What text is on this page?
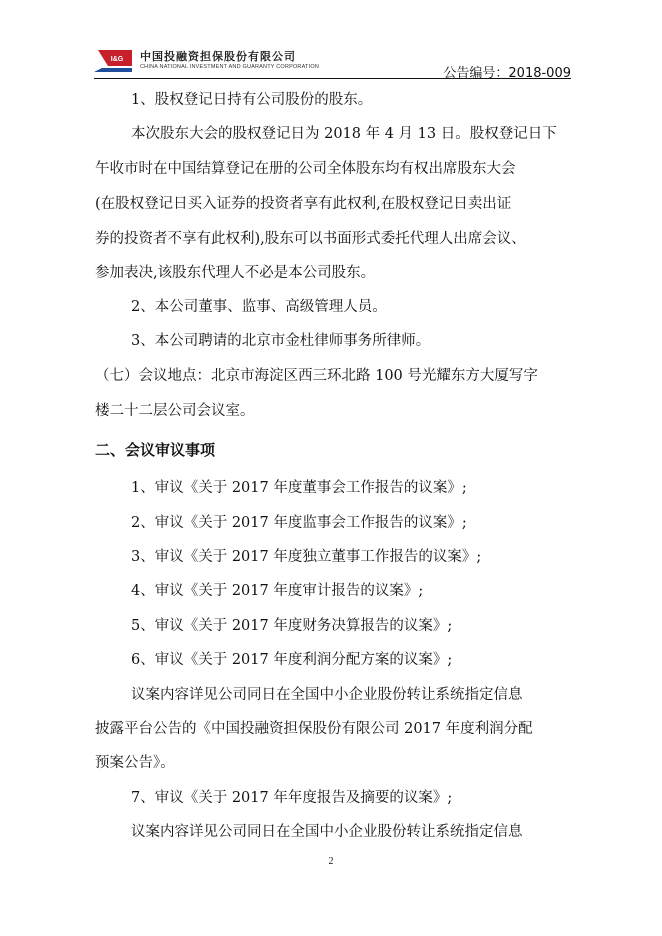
I&G 中国投融资担保股份有限公司
CHINA NATIONAL INVESTMENT AND GUARANTY CORPORATION	公告编号：2018-009
1、股权登记日持有公司股份的股东。
本次股东大会的股权登记日为 2018 年 4 月 13 日。股权登记日下
午收市时在中国结算登记在册的公司全体股东均有权出席股东大会
(在股权登记日买入证券的投资者享有此权利,在股权登记日卖出证
券的投资者不享有此权利),股东可以书面形式委托代理人出席会议、
参加表决,该股东代理人不必是本公司股东。
2、本公司董事、监事、高级管理人员。
3、本公司聘请的北京市金杜律师事务所律师。
（七）会议地点：北京市海淀区西三环北路 100 号光耀东方大厦写字
楼二十二层公司会议室。
二、会议审议事项
1、审议《关于 2017 年度董事会工作报告的议案》;
2、审议《关于 2017 年度监事会工作报告的议案》;
3、审议《关于 2017 年度独立董事工作报告的议案》;
4、审议《关于 2017 年度审计报告的议案》;
5、审议《关于 2017 年度财务决算报告的议案》;
6、审议《关于 2017 年度利润分配方案的议案》;
议案内容详见公司同日在全国中小企业股份转让系统指定信息
披露平台公告的《中国投融资担保股份有限公司 2017 年度利润分配
预案公告》。
7、审议《关于 2017 年年度报告及摘要的议案》;
议案内容详见公司同日在全国中小企业股份转让系统指定信息
2
